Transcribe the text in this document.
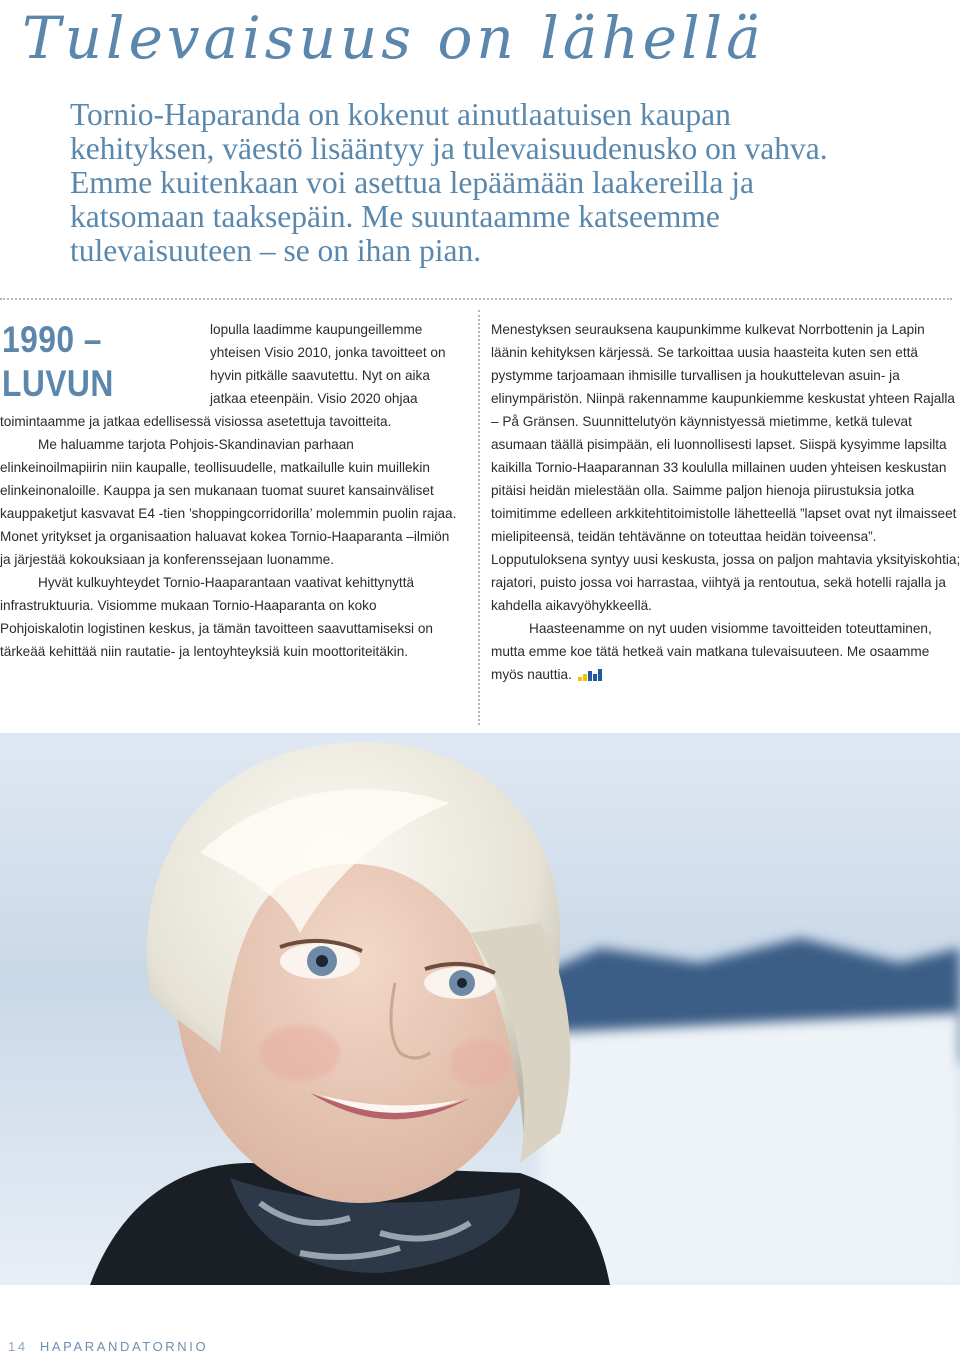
Tulevaisuus on lähellä

Tornio-Haparanda on kokenut ainutlaatuisen kaupan kehityksen, väestö lisääntyy ja tulevaisuudenusko on vahva. Emme kuitenkaan voi asettua lepäämään laakereilla ja katsomaan taaksepäin. Me suuntaamme katseemme tulevaisuuteen – se on ihan pian.

1990 –LUVUN
lopulla laadimme kaupungeillemme yhteisen Visio 2010, jonka tavoitteet on hyvin pitkälle saavutettu. Nyt on aika jatkaa eteenpäin. Visio 2020 ohjaa toimintaamme ja jatkaa edellisessä visiossa asetettuja tavoitteita.

Me haluamme tarjota Pohjois-Skandinavian parhaan elinkeinoilmapiirin niin kaupalle, teollisuudelle, matkailulle kuin muillekin elinkeinonaloille. Kauppa ja sen mukanaan tuomat suuret kansainväliset kauppaketjut kasvavat E4 -tien ’shoppingcorridorilla’ molemmin puolin rajaa. Monet yritykset ja organisaation haluavat kokea Tornio-Haaparanta –ilmiön ja järjestää kokouksiaan ja konferenssejaan luonamme.

Hyvät kulkuyhteydet Tornio-Haaparantaan vaativat kehittynyttä infrastruktuuria. Visiomme mukaan Tornio-Haaparanta on koko Pohjoiskalotin logistinen keskus, ja tämän tavoitteen saavuttamiseksi on tärkeää kehittää niin rautatie- ja lentoyhteyksiä kuin moottoriteitäkin.

Menestyksen seurauksena kaupunkimme kulkevat Norrbottenin ja Lapin läänin kehityksen kärjessä. Se tarkoittaa uusia haasteita kuten sen että pystymme tarjoamaan ihmisille turvallisen ja houkuttelevan asuin- ja elinympäristön. Niinpä rakennamme kaupunkiemme keskustat yhteen Rajalla – På Gränsen. Suunnittelutyön käynnistyessä mietimme, ketkä tulevat asumaan täällä pisimpään, eli luonnollisesti lapset. Siispä kysyimme lapsilta kaikilla Tornio-Haaparannan 33 koululla millainen uuden yhteisen keskustan pitäisi heidän mielestään olla. Saimme paljon hienoja piirustuksia jotka toimitimme edelleen arkkitehtitoimistolle lähetteellä ”lapset ovat nyt ilmaisseet mielipiteensä, teidän tehtävänne on toteuttaa heidän toiveensa”. Lopputuloksena syntyy uusi keskusta, jossa on paljon mahtavia yksityiskohtia; rajatori, puisto jossa voi harrastaa, viihtyä ja rentoutua, sekä hotelli rajalla ja kahdella aikavyöhykkeellä.

Haasteenamme on nyt uuden visiomme tavoitteiden toteuttaminen, mutta emme koe tätä hetkeä vain matkana tulevaisuuteen. Me osaamme myös nauttia.

14 HAPARANDATORNIO
